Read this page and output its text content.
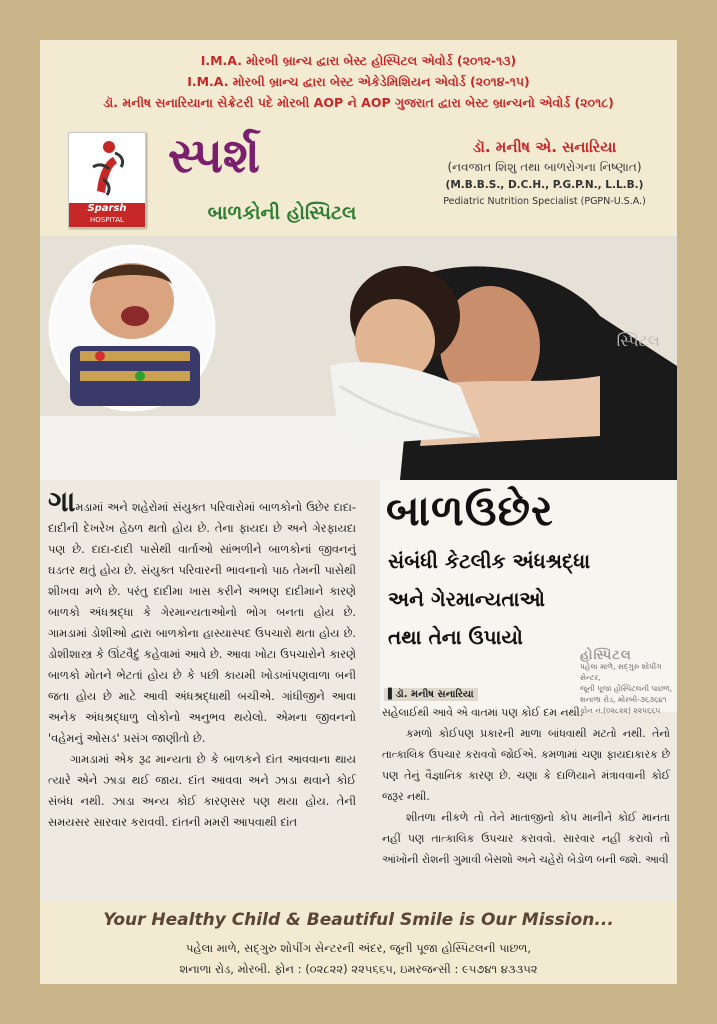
I.M.A. મોરબી બ્રાન્ચ દ્વારા બેસ્ટ હોસ્પિટલ એવોર્ડ (૨૦૧૨-૧૩)
I.M.A. મોરબી બ્રાન્ચ દ્વારા બેસ્ટ એકેડેમિશિયન એવોર્ડ (૨૦૧૪-૧૫)
ડૉ. મનીષ સનારિયાના સેક્રેટરી પદે મોરબી AOP ને AOP ગુજરાત દ્વારા બેસ્ટ બ્રાન્ચનો એવોર્ડ (૨૦૧૮)
Sparsh
HOSPITAL
સ્પર્શ
બાળકોની હોસ્પિટલ
ડૉ. મનીષ એ. સનારિયા
(નવજાત શિશુ તથા બાળરોગના નિષ્ણાત)
(M.B.B.S., D.C.H., P.G.P.N., L.L.B.)
Pediatric Nutrition Specialist (PGPN-U.S.A.)
સ્પિટલ

ગામડામાં અને શહેરોમાં સંયુક્ત પરિવારોમાં બાળકોનો ઉછેર દાદા-દાદીની દેખરેખ હેઠળ થતો હોય છે. તેના ફાયદા છે અને ગેરફાયદા પણ છે. દાદા-દાદી પાસેથી વાર્તાઓ સાંભળીને બાળકોનાં જીવનનું ઘડતર થતું હોય છે. સંયુક્ત પરિવારની ભાવનાનો પાઠ તેમની પાસેથી શીખવા મળે છે. પરંતુ દાદીમા ખાસ કરીને અભણ દાદીમાને કારણે બાળકો અંધશ્રદ્ધા કે ગેરમાન્યતાઓનો ભોગ બનતા હોય છે. ગામડામાં ડોશીઓ દ્વારા બાળકોના હાસ્યાસ્પદ ઉપચારો થતા હોય છે. ડોશીશાસ્ત્ર કે ઊંટવૈદું કહેવામાં આવે છે. આવા ખોટા ઉપચારોને કારણે બાળકો મોતને ભેટતાં હોય છે કે પછી કાયમી ખોડખાંપણવાળા બની જતા હોય છે માટે આવી અંધશ્રદ્ધાથી બચીએ. ગાંધીજીને આવા અનેક અંધશ્રદ્ધાળુ લોકોનો અનુભવ થયેલો. એમના જીવનનો 'વહેમનું ઓસડ' પ્રસંગ જાણીતો છે.

ગામડામાં એક રૂઢ માન્યતા છે કે બાળકને દાંત આવવાના થાય ત્યારે એને ઝાડા થઈ જાય. દાંત આવવા અને ઝાડા થવાને કોઈ સંબંધ નથી. ઝાડા અન્ય કોઈ કારણસર પણ થયા હોય. તેની સમયસર સારવાર કરાવવી. દાંતની મમરી આપવાથી દાંત

બાળઉછેર
સંબંધી કેટલીક અંધશ્રદ્ધા
અને ગેરમાન્યતાઓ
તથા તેના ઉપાયો
હોસ્પિટલ
પહેલા માળે, સદ્‌ગુરુ શોપીંગ સેન્ટર,
જૂની પૂજા હોસ્પિટલની પાછળ,
શનાળા રોડ, મોરબી-૩૬૩૬૪૧
ફોન નં.(૦૨૮૨૨) ૨૨૫૬૬૫
▌ડૉ. મનીષ સનારિયા

સહેલાઈથી આવે એ વાતમાં પણ કોઈ દમ નથી.

કમળો કોઈપણ પ્રકારની માળા બાંધવાથી મટતો નથી. તેનો તાત્કાલિક ઉપચાર કરાવવો જોઈએ. કમળામાં ચણા ફાયદાકારક છે પણ તેનું વૈજ્ઞાનિક કારણ છે. ચણા કે દાળિયાને મંત્રાવવાની કોઈ જરૂર નથી.

શીતળા નીકળે તો તેને માતાજીનો કોપ માનીને કોઈ માનતા નહીં પણ તાત્કાલિક ઉપચાર કરાવવો. સારવાર નહીં કરાવો તો આંખોની રોશની ગુમાવી બેસશો અને ચહેરો બેડોળ બની જશે. આવી

Your Healthy Child & Beautiful Smile is Our Mission...
પહેલા માળે, સદ્‌ગુરુ શોપીંગ સેન્ટરની અંદર, જૂની પૂજા હોસ્પિટલની પાછળ,
શનાળા રોડ, મોરબી. ફોન : (૦૨૮૨૨) ૨૨૫૬૬૫, ઇમરજન્સી : ૯૫૭૪૧ ૪૩૩૫૨
